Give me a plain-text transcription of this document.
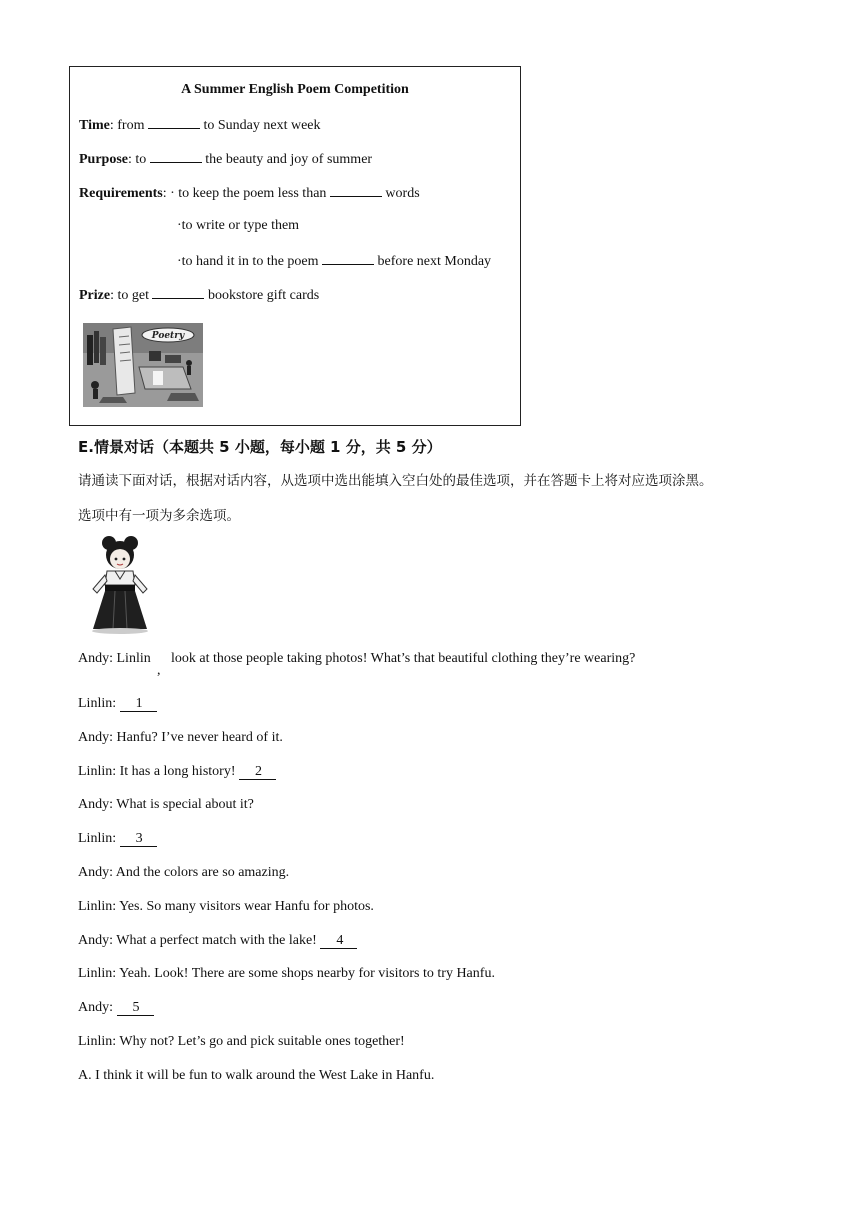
A Summer English Poem Competition
Time: from	to Sunday next week
Purpose: to	the beauty and joy of summer
Requirements: · to keep the poem less than	words
·to write or type them
·to hand it in to the poem	before next Monday
Prize: to get	bookstore gift cards
Poetry
E.情景对话（本题共 5 小题，每小题 1 分，共 5 分）
请通读下面对话，根据对话内容，从选项中选出能填入空白处的最佳选项，并在答题卡上将对应选项涂黑。
选项中有一项为多余选项。
Andy: Linlin
,
look at those people taking photos! What’s that beautiful clothing they’re wearing?
Linlin: 1
Andy: Hanfu? I’ve never heard of it.
Linlin: It has a long history! 2
Andy: What is special about it?
Linlin: 3
Andy: And the colors are so amazing.
Linlin: Yes. So many visitors wear Hanfu for photos.
Andy: What a perfect match with the lake! 4
Linlin: Yeah. Look! There are some shops nearby for visitors to try Hanfu.
Andy: 5
Linlin: Why not? Let’s go and pick suitable ones together!
A. I think it will be fun to walk around the West Lake in Hanfu.
